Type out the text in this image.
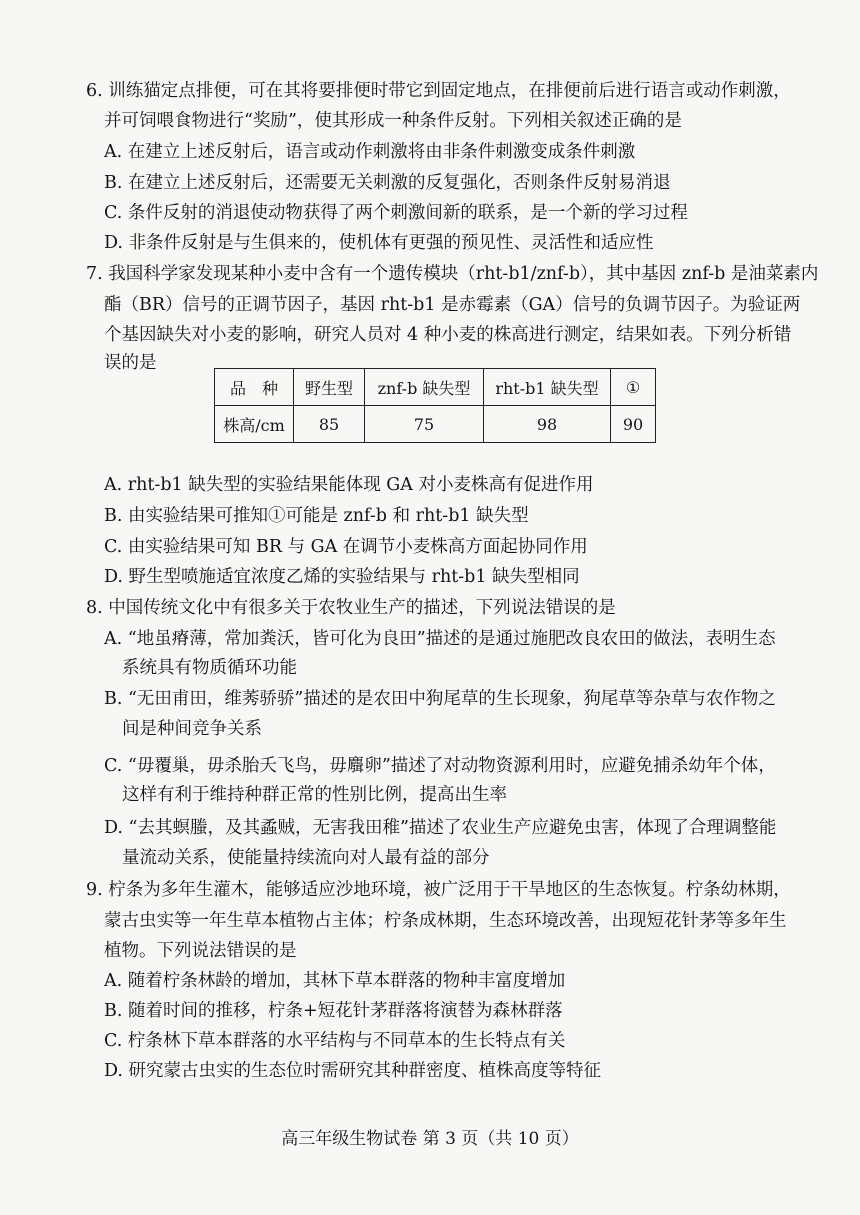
6. 训练猫定点排便，可在其将要排便时带它到固定地点，在排便前后进行语言或动作刺激，
并可饲喂食物进行“奖励”，使其形成一种条件反射。下列相关叙述正确的是
A. 在建立上述反射后，语言或动作刺激将由非条件刺激变成条件刺激
B. 在建立上述反射后，还需要无关刺激的反复强化，否则条件反射易消退
C. 条件反射的消退使动物获得了两个刺激间新的联系，是一个新的学习过程
D. 非条件反射是与生俱来的，使机体有更强的预见性、灵活性和适应性
7. 我国科学家发现某种小麦中含有一个遗传模块（rht-b1/znf-b），其中基因 znf-b 是油菜素内
酯（BR）信号的正调节因子，基因 rht-b1 是赤霉素（GA）信号的负调节因子。为验证两
个基因缺失对小麦的影响，研究人员对 4 种小麦的株高进行测定，结果如表。下列分析错
误的是
品　种	野生型	znf-b 缺失型	rht-b1 缺失型	①
株高/cm	85	75	98	90
A. rht-b1 缺失型的实验结果能体现 GA 对小麦株高有促进作用
B. 由实验结果可推知①可能是 znf-b 和 rht-b1 缺失型
C. 由实验结果可知 BR 与 GA 在调节小麦株高方面起协同作用
D. 野生型喷施适宜浓度乙烯的实验结果与 rht-b1 缺失型相同
8. 中国传统文化中有很多关于农牧业生产的描述，下列说法错误的是
A. “地虽瘠薄，常加粪沃，皆可化为良田”描述的是通过施肥改良农田的做法，表明生态
系统具有物质循环功能
B. “无田甫田，维莠骄骄”描述的是农田中狗尾草的生长现象，狗尾草等杂草与农作物之
间是种间竞争关系
C. “毋覆巢，毋杀胎夭飞鸟，毋麛卵”描述了对动物资源利用时，应避免捕杀幼年个体，
这样有利于维持种群正常的性别比例，提高出生率
D. “去其螟螣，及其蟊贼，无害我田稚”描述了农业生产应避免虫害，体现了合理调整能
量流动关系，使能量持续流向对人最有益的部分
9. 柠条为多年生灌木，能够适应沙地环境，被广泛用于干旱地区的生态恢复。柠条幼林期，
蒙古虫实等一年生草本植物占主体；柠条成林期，生态环境改善，出现短花针茅等多年生
植物。下列说法错误的是
A. 随着柠条林龄的增加，其林下草本群落的物种丰富度增加
B. 随着时间的推移，柠条+短花针茅群落将演替为森林群落
C. 柠条林下草本群落的水平结构与不同草本的生长特点有关
D. 研究蒙古虫实的生态位时需研究其种群密度、植株高度等特征
高三年级生物试卷 第 3 页（共 10 页）
